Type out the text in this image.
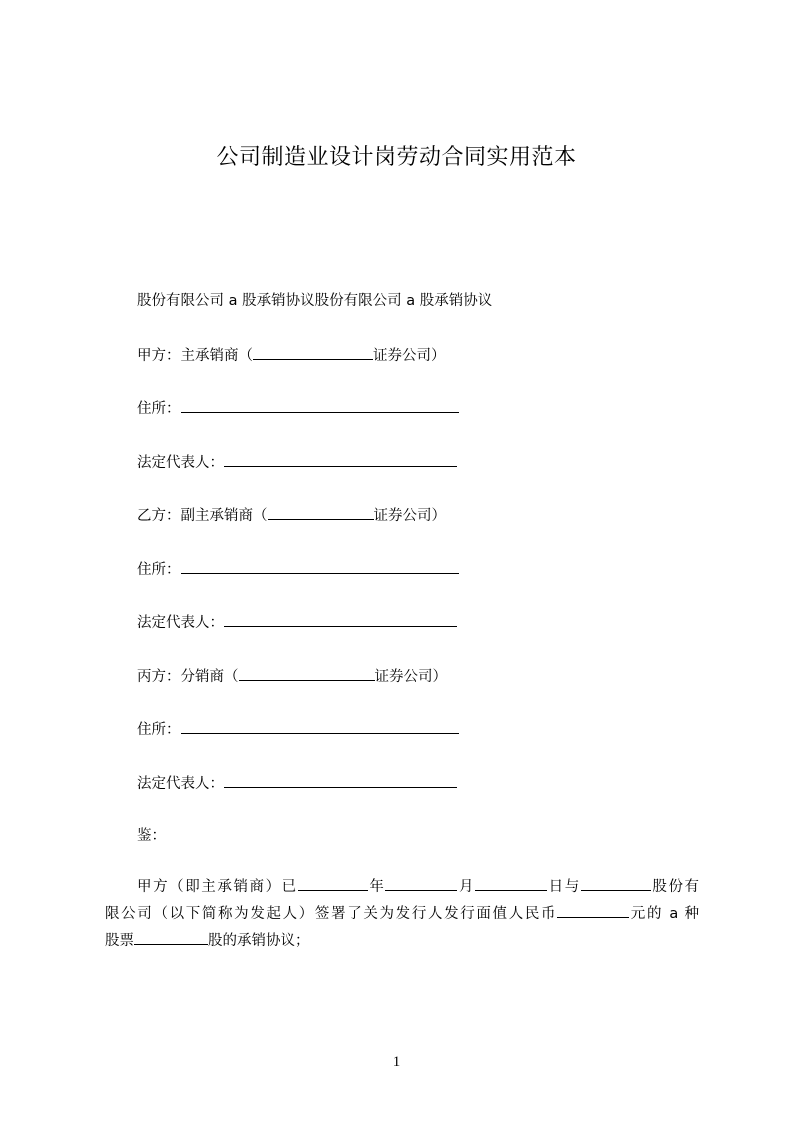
公司制造业设计岗劳动合同实用范本
股份有限公司 a 股承销协议股份有限公司 a 股承销协议
甲方：主承销商（	证券公司）
住所：
法定代表人：
乙方：副主承销商（	证券公司）
住所：
法定代表人：
丙方：分销商（	证券公司）
住所：
法定代表人：
鉴：
甲方（即主承销商）已	年	月	日与	股份有
限公司（以下简称为发起人）签署了关为发行人发行面值人民币	元的 a 种
股票	股的承销协议；
1
